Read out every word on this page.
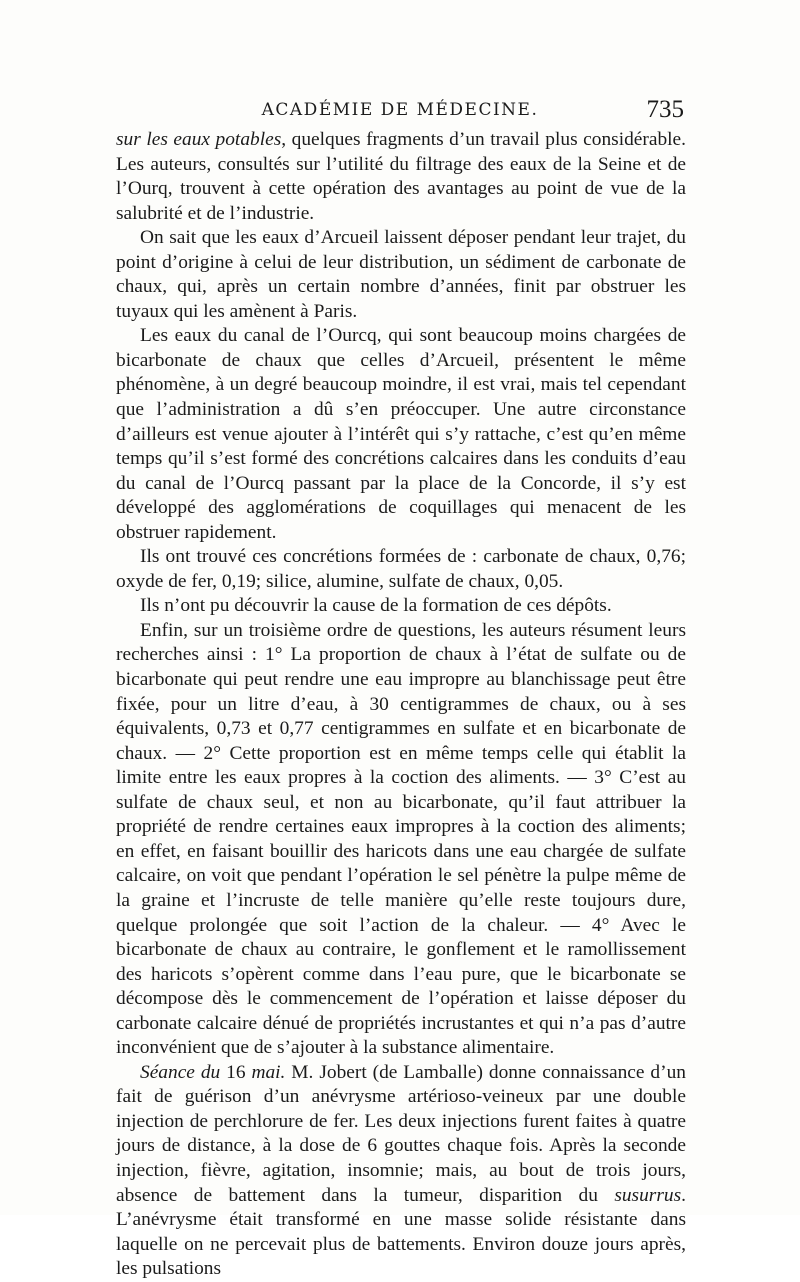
ACADÉMIE DE MÉDECINE.	735

sur les eaux potables, quelques fragments d’un travail plus considérable. Les auteurs, consultés sur l’utilité du filtrage des eaux de la Seine et de l’Ourq, trouvent à cette opération des avantages au point de vue de la salubrité et de l’industrie.

On sait que les eaux d’Arcueil laissent déposer pendant leur trajet, du point d’origine à celui de leur distribution, un sédiment de carbonate de chaux, qui, après un certain nombre d’années, finit par obstruer les tuyaux qui les amènent à Paris.

Les eaux du canal de l’Ourcq, qui sont beaucoup moins chargées de bicarbonate de chaux que celles d’Arcueil, présentent le même phénomène, à un degré beaucoup moindre, il est vrai, mais tel cependant que l’administration a dû s’en préoccuper. Une autre circonstance d’ailleurs est venue ajouter à l’intérêt qui s’y rattache, c’est qu’en même temps qu’il s’est formé des concrétions calcaires dans les conduits d’eau du canal de l’Ourcq passant par la place de la Concorde, il s’y est développé des agglomérations de coquillages qui menacent de les obstruer rapidement.

Ils ont trouvé ces concrétions formées de : carbonate de chaux, 0,76; oxyde de fer, 0,19; silice, alumine, sulfate de chaux, 0,05.

Ils n’ont pu découvrir la cause de la formation de ces dépôts.

Enfin, sur un troisième ordre de questions, les auteurs résument leurs recherches ainsi : 1° La proportion de chaux à l’état de sulfate ou de bicarbonate qui peut rendre une eau impropre au blanchissage peut être fixée, pour un litre d’eau, à 30 centigrammes de chaux, ou à ses équivalents, 0,73 et 0,77 centigrammes en sulfate et en bicarbonate de chaux. — 2° Cette proportion est en même temps celle qui établit la limite entre les eaux propres à la coction des aliments. — 3° C’est au sulfate de chaux seul, et non au bicarbonate, qu’il faut attribuer la propriété de rendre certaines eaux impropres à la coction des aliments; en effet, en faisant bouillir des haricots dans une eau chargée de sulfate calcaire, on voit que pendant l’opération le sel pénètre la pulpe même de la graine et l’incruste de telle manière qu’elle reste toujours dure, quelque prolongée que soit l’action de la chaleur. — 4° Avec le bicarbonate de chaux au contraire, le gonflement et le ramollissement des haricots s’opèrent comme dans l’eau pure, que le bicarbonate se décompose dès le commencement de l’opération et laisse déposer du carbonate calcaire dénué de propriétés incrustantes et qui n’a pas d’autre inconvénient que de s’ajouter à la substance alimentaire.

Séance du 16 mai. M. Jobert (de Lamballe) donne connaissance d’un fait de guérison d’un anévrysme artérioso-veineux par une double injection de perchlorure de fer. Les deux injections furent faites à quatre jours de distance, à la dose de 6 gouttes chaque fois. Après la seconde injection, fièvre, agitation, insomnie; mais, au bout de trois jours, absence de battement dans la tumeur, disparition du susurrus. L’anévrysme était transformé en une masse solide résistante dans laquelle on ne percevait plus de battements. Environ douze jours après, les pulsations
